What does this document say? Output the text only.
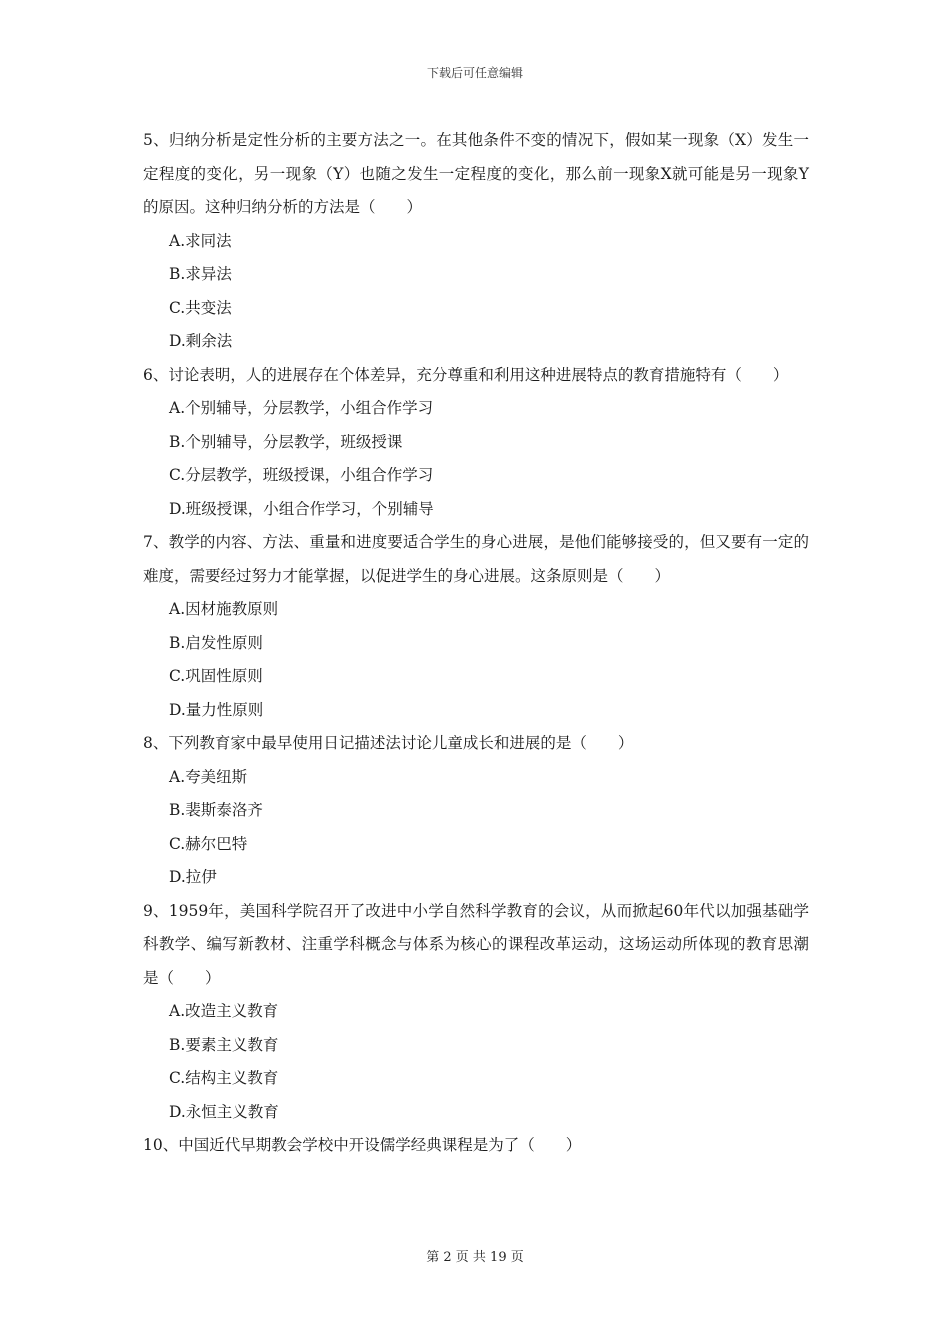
下载后可任意编辑

5、归纳分析是定性分析的主要方法之一。在其他条件不变的情况下，假如某一现象（X）发生一定程度的变化，另一现象（Y）也随之发生一定程度的变化，那么前一现象X就可能是另一现象Y的原因。这种归纳分析的方法是（　　）

A.求同法
B.求异法
C.共变法
D.剩余法

6、讨论表明，人的进展存在个体差异，充分尊重和利用这种进展特点的教育措施特有（　　）

A.个别辅导，分层教学，小组合作学习
B.个别辅导，分层教学，班级授课
C.分层教学，班级授课，小组合作学习
D.班级授课，小组合作学习，个别辅导

7、教学的内容、方法、重量和进度要适合学生的身心进展，是他们能够接受的，但又要有一定的难度，需要经过努力才能掌握，以促进学生的身心进展。这条原则是（　　）

A.因材施教原则
B.启发性原则
C.巩固性原则
D.量力性原则

8、下列教育家中最早使用日记描述法讨论儿童成长和进展的是（　　）

A.夸美纽斯
B.裴斯泰洛齐
C.赫尔巴特
D.拉伊

9、1959年，美国科学院召开了改进中小学自然科学教育的会议，从而掀起60年代以加强基础学科教学、编写新教材、注重学科概念与体系为核心的课程改革运动，这场运动所体现的教育思潮是（　　）

A.改造主义教育
B.要素主义教育
C.结构主义教育
D.永恒主义教育

10、中国近代早期教会学校中开设儒学经典课程是为了（　　）

第 2 页 共 19 页
